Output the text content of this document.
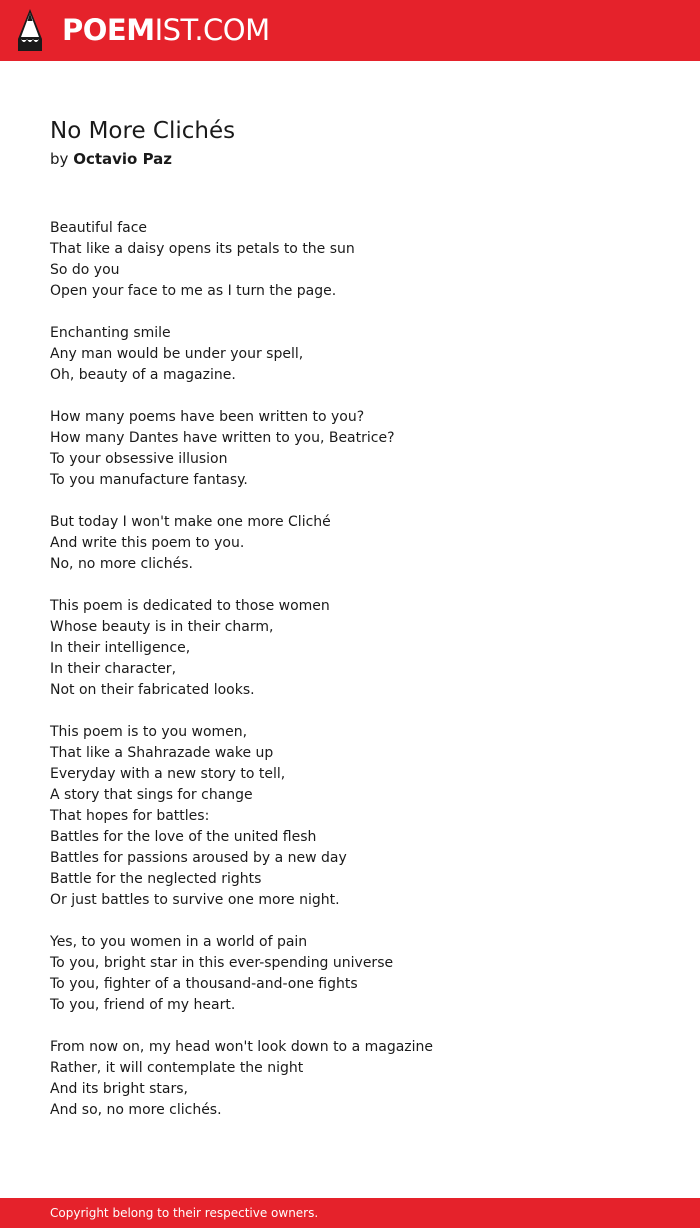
POEMIST.COM
No More Clichés
by Octavio Paz
Beautiful face
That like a daisy opens its petals to the sun
So do you
Open your face to me as I turn the page.
Enchanting smile
Any man would be under your spell,
Oh, beauty of a magazine.
How many poems have been written to you?
How many Dantes have written to you, Beatrice?
To your obsessive illusion
To you manufacture fantasy.
But today I won't make one more Cliché
And write this poem to you.
No, no more clichés.
This poem is dedicated to those women
Whose beauty is in their charm,
In their intelligence,
In their character,
Not on their fabricated looks.
This poem is to you women,
That like a Shahrazade wake up
Everyday with a new story to tell,
A story that sings for change
That hopes for battles:
Battles for the love of the united flesh
Battles for passions aroused by a new day
Battle for the neglected rights
Or just battles to survive one more night.
Yes, to you women in a world of pain
To you, bright star in this ever-spending universe
To you, fighter of a thousand-and-one fights
To you, friend of my heart.
From now on, my head won't look down to a magazine
Rather, it will contemplate the night
And its bright stars,
And so, no more clichés.
Copyright belong to their respective owners.
